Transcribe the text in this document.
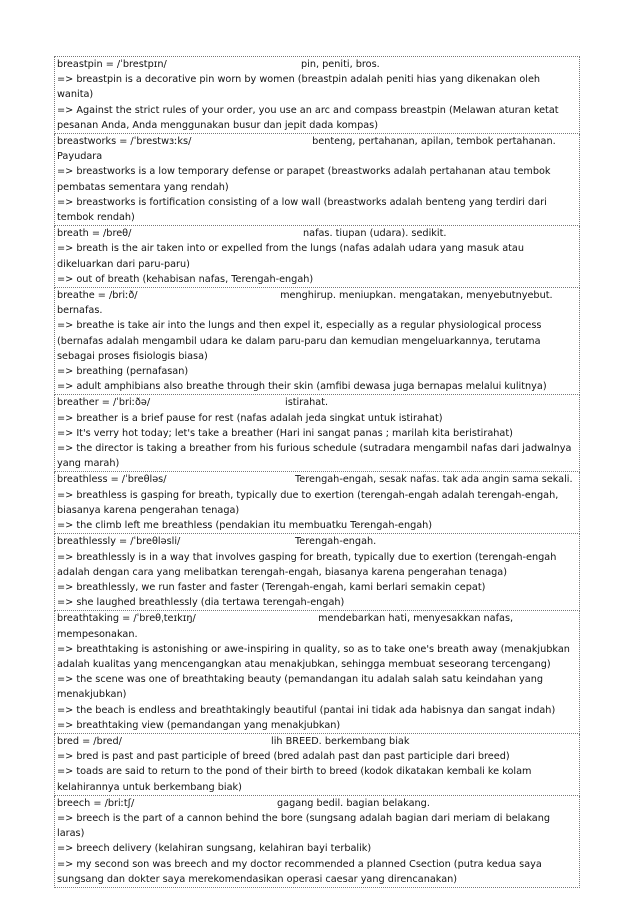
breastpin = /ˈbrestpɪn/	pin, peniti, bros.
=> breastpin is a decorative pin worn by women (breastpin adalah peniti hias yang dikenakan oleh wanita)
=> Against the strict rules of your order, you use an arc and compass breastpin (Melawan aturan ketat pesanan Anda, Anda menggunakan busur dan jepit dada kompas)
breastworks = /ˈbrestwɜːks/	benteng, pertahanan, apilan, tembok pertahanan. Payudara
=> breastworks is a low temporary defense or parapet (breastworks adalah pertahanan atau tembok pembatas sementara yang rendah)
=> breastworks is fortification consisting of a low wall (breastworks adalah benteng yang terdiri dari tembok rendah)
breath = /breθ/	nafas. tiupan (udara). sedikit.
=> breath is the air taken into or expelled from the lungs (nafas adalah udara yang masuk atau dikeluarkan dari paru-paru)
=> out of breath (kehabisan nafas, Terengah-engah)
breathe = /briːð/	menghirup. meniupkan. mengatakan, menyebutnyebut. bernafas.
=> breathe is take air into the lungs and then expel it, especially as a regular physiological process (bernafas adalah mengambil udara ke dalam paru-paru dan kemudian mengeluarkannya, terutama sebagai proses fisiologis biasa)
=> breathing (pernafasan)
=> adult amphibians also breathe through their skin (amfibi dewasa juga bernapas melalui kulitnya)
breather = /ˈbriːðə/	istirahat.
=> breather is a brief pause for rest (nafas adalah jeda singkat untuk istirahat)
=> It's verry hot today; let's take a breather (Hari ini sangat panas ; marilah kita beristirahat)
=> the director is taking a breather from his furious schedule (sutradara mengambil nafas dari jadwalnya yang marah)
breathless = /ˈbreθləs/	Terengah-engah, sesak nafas. tak ada angin sama sekali.
=> breathless is gasping for breath, typically due to exertion (terengah-engah adalah terengah-engah, biasanya karena pengerahan tenaga)
=> the climb left me breathless (pendakian itu membuatku Terengah-engah)
breathlessly = /ˈbreθləsli/	Terengah-engah.
=> breathlessly is in a way that involves gasping for breath, typically due to exertion (terengah-engah adalah dengan cara yang melibatkan terengah-engah, biasanya karena pengerahan tenaga)
=> breathlessly, we run faster and faster (Terengah-engah, kami berlari semakin cepat)
=> she laughed breathlessly (dia tertawa terengah-engah)
breathtaking = /ˈbreθˌteɪkɪŋ/	mendebarkan hati, menyesakkan nafas, mempesonakan.
=> breathtaking is astonishing or awe-inspiring in quality, so as to take one's breath away (menakjubkan adalah kualitas yang mencengangkan atau menakjubkan, sehingga membuat seseorang tercengang)
=> the scene was one of breathtaking beauty (pemandangan itu adalah salah satu keindahan yang menakjubkan)
=> the beach is endless and breathtakingly beautiful (pantai ini tidak ada habisnya dan sangat indah)
=> breathtaking view (pemandangan yang menakjubkan)
bred = /bred/	lih BREED. berkembang biak
=> bred is past and past participle of breed (bred adalah past dan past participle dari breed)
=> toads are said to return to the pond of their birth to breed (kodok dikatakan kembali ke kolam kelahirannya untuk berkembang biak)
breech = /briːtʃ/	gagang bedil. bagian belakang.
=> breech is the part of a cannon behind the bore (sungsang adalah bagian dari meriam di belakang laras)
=> breech delivery (kelahiran sungsang, kelahiran bayi terbalik)
=> my second son was breech and my doctor recommended a planned Csection (putra kedua saya sungsang dan dokter saya merekomendasikan operasi caesar yang direncanakan)
